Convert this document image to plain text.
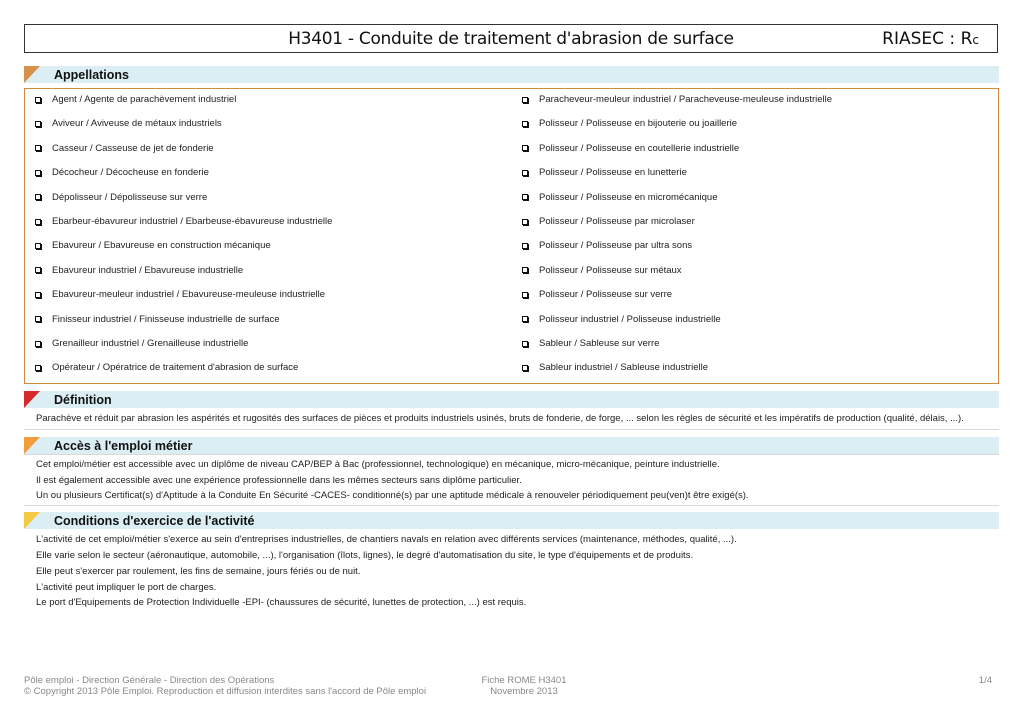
H3401 - Conduite de traitement d'abrasion de surface	RIASEC : Rc
Appellations
Agent / Agente de parachèvement industriel
Aviveur / Aviveuse de métaux industriels
Casseur / Casseuse de jet de fonderie
Décocheur / Décocheuse en fonderie
Dépolisseur / Dépolisseuse sur verre
Ebarbeur-ébavureur industriel / Ebarbeuse-ébavureuse industrielle
Ebavureur / Ebavureuse en construction mécanique
Ebavureur industriel / Ebavureuse industrielle
Ebavureur-meuleur industriel / Ebavureuse-meuleuse industrielle
Finisseur industriel / Finisseuse industrielle de surface
Grenailleur industriel / Grenailleuse industrielle
Opérateur / Opératrice de traitement d'abrasion de surface
Paracheveur-meuleur industriel / Paracheveuse-meuleuse industrielle
Polisseur / Polisseuse en bijouterie ou joaillerie
Polisseur / Polisseuse en coutellerie industrielle
Polisseur / Polisseuse en lunetterie
Polisseur / Polisseuse en micromécanique
Polisseur / Polisseuse par microlaser
Polisseur / Polisseuse par ultra sons
Polisseur / Polisseuse sur métaux
Polisseur / Polisseuse sur verre
Polisseur industriel / Polisseuse industrielle
Sableur / Sableuse sur verre
Sableur industriel / Sableuse industrielle
Définition
Parachève et réduit par abrasion les aspérités et rugosités des surfaces de pièces et produits industriels usinés, bruts de fonderie, de forge, ... selon les règles de sécurité et les impératifs de production (qualité, délais, ...).
Accès à l'emploi métier
Cet emploi/métier est accessible avec un diplôme de niveau CAP/BEP à Bac (professionnel, technologique) en mécanique, micro-mécanique, peinture industrielle.
Il est également accessible avec une expérience professionnelle dans les mêmes secteurs sans diplôme particulier.
Un ou plusieurs Certificat(s) d'Aptitude à la Conduite En Sécurité -CACES- conditionné(s) par une aptitude médicale à renouveler périodiquement peu(ven)t être exigé(s).
Conditions d'exercice de l'activité
L'activité de cet emploi/métier s'exerce au sein d'entreprises industrielles, de chantiers navals en relation avec différents services (maintenance, méthodes, qualité, ...).
Elle varie selon le secteur (aéronautique, automobile, ...), l'organisation (îlots, lignes), le degré d'automatisation du site, le type d'équipements et de produits.
Elle peut s'exercer par roulement, les fins de semaine, jours fériés ou de nuit.
L'activité peut impliquer le port de charges.
Le port d'Equipements de Protection Individuelle -EPI- (chaussures de sécurité, lunettes de protection, ...) est requis.
Pôle emploi - Direction Générale - Direction des Opérations
© Copyright 2013 Pôle Emploi. Reproduction et diffusion interdites sans l'accord de Pôle emploi
Fiche ROME H3401
Novembre 2013
1/4
